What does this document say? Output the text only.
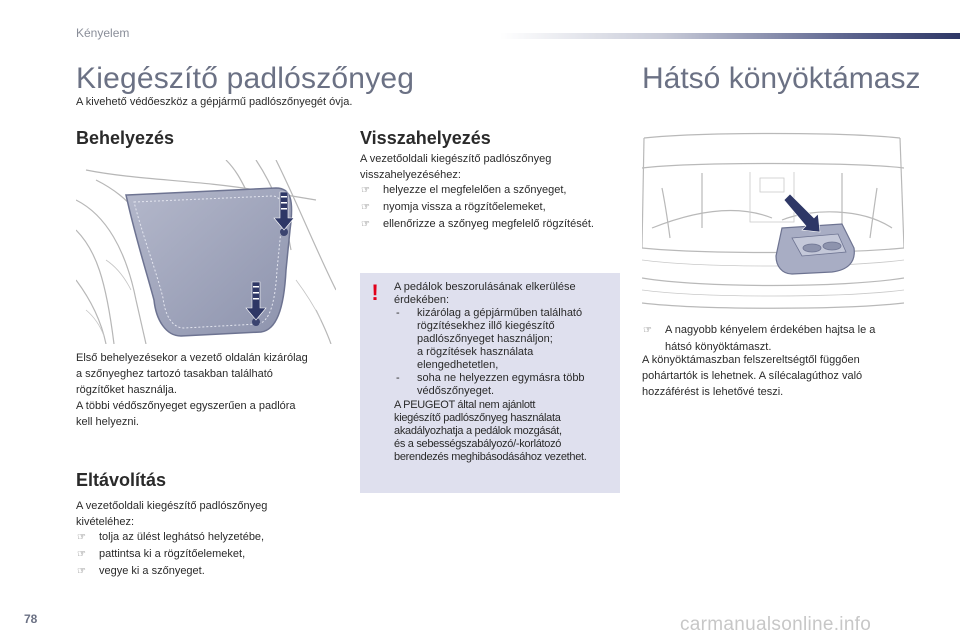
Kényelem
Kiegészítő padlószőnyeg
A kivehető védőeszköz a gépjármű padlószőnyegét óvja.
Hátsó könyöktámasz
Behelyezés
Első behelyezésekor a vezető oldalán kizárólag
a szőnyeghez tartozó tasakban található
rögzítőket használja.
A többi védőszőnyeget egyszerűen a padlóra
kell helyezni.
Eltávolítás
A vezetőoldali kiegészítő padlószőnyeg
kivételéhez:
☞ tolja az ülést leghátsó helyzetébe,
☞ pattintsa ki a rögzítőelemeket,
☞ vegye ki a szőnyeget.
Visszahelyezés
A vezetőoldali kiegészítő padlószőnyeg
visszahelyezéséhez:
☞ helyezze el megfelelően a szőnyeget,
☞ nyomja vissza a rögzítőelemeket,
☞ ellenőrizze a szőnyeg megfelelő rögzítését.
!	A pedálok beszorulásának elkerülése
érdekében:
- kizárólag a gépjárműben található
rögzítésekhez illő kiegészítő
padlószőnyeget használjon;
a rögzítések használata
elengedhetetlen,
- soha ne helyezzen egymásra több
védőszőnyeget.
A PEUGEOT által nem ajánlott
kiegészítő padlószőnyeg használata
akadályozhatja a pedálok mozgását,
és a sebességszabályozó/-korlátozó
berendezés meghibásodásához vezethet.
☞ A nagyobb kényelem érdekében hajtsa le a
hátsó könyöktámaszt.
A könyöktámaszban felszereltségtől függően
pohártartók is lehetnek. A sílécalagúthoz való
hozzáférést is lehetővé teszi.
78	carmanualsonline.info
